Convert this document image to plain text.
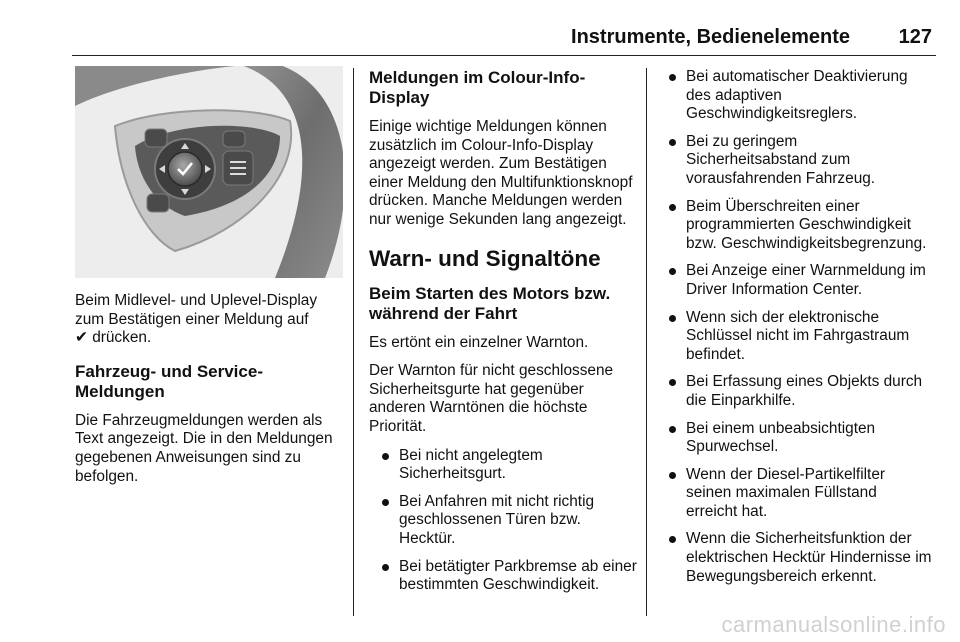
Instrumente, Bedienelemente 127

Beim Midlevel- und Uplevel-Display zum Bestätigen einer Meldung auf
✔ drücken.

Fahrzeug- und Service-Meldungen

Die Fahrzeugmeldungen werden als Text angezeigt. Die in den Meldungen gegebenen Anweisungen sind zu befolgen.

Meldungen im Colour-Info-Display

Einige wichtige Meldungen können zusätzlich im Colour-Info-Display angezeigt werden. Zum Bestätigen einer Meldung den Multifunktionsknopf drücken. Manche Meldungen werden nur wenige Sekunden lang angezeigt.

Warn- und Signaltöne
Beim Starten des Motors bzw. während der Fahrt

Es ertönt ein einzelner Warnton.

Der Warnton für nicht geschlossene Sicherheitsgurte hat gegenüber anderen Warntönen die höchste Priorität.

Bei nicht angelegtem Sicherheitsgurt.
Bei Anfahren mit nicht richtig geschlossenen Türen bzw. Hecktür.
Bei betätigter Parkbremse ab einer bestimmten Geschwindigkeit.
Bei automatischer Deaktivierung des adaptiven Geschwindigkeitsreglers.
Bei zu geringem Sicherheitsabstand zum vorausfahrenden Fahrzeug.
Beim Überschreiten einer programmierten Geschwindigkeit bzw. Geschwindigkeitsbegrenzung.
Bei Anzeige einer Warnmeldung im Driver Information Center.
Wenn sich der elektronische Schlüssel nicht im Fahrgastraum befindet.
Bei Erfassung eines Objekts durch die Einparkhilfe.
Bei einem unbeabsichtigten Spurwechsel.
Wenn der Diesel-Partikelfilter seinen maximalen Füllstand erreicht hat.
Wenn die Sicherheitsfunktion der elektrischen Hecktür Hindernisse im Bewegungsbereich erkennt.
carmanualsonline.info
